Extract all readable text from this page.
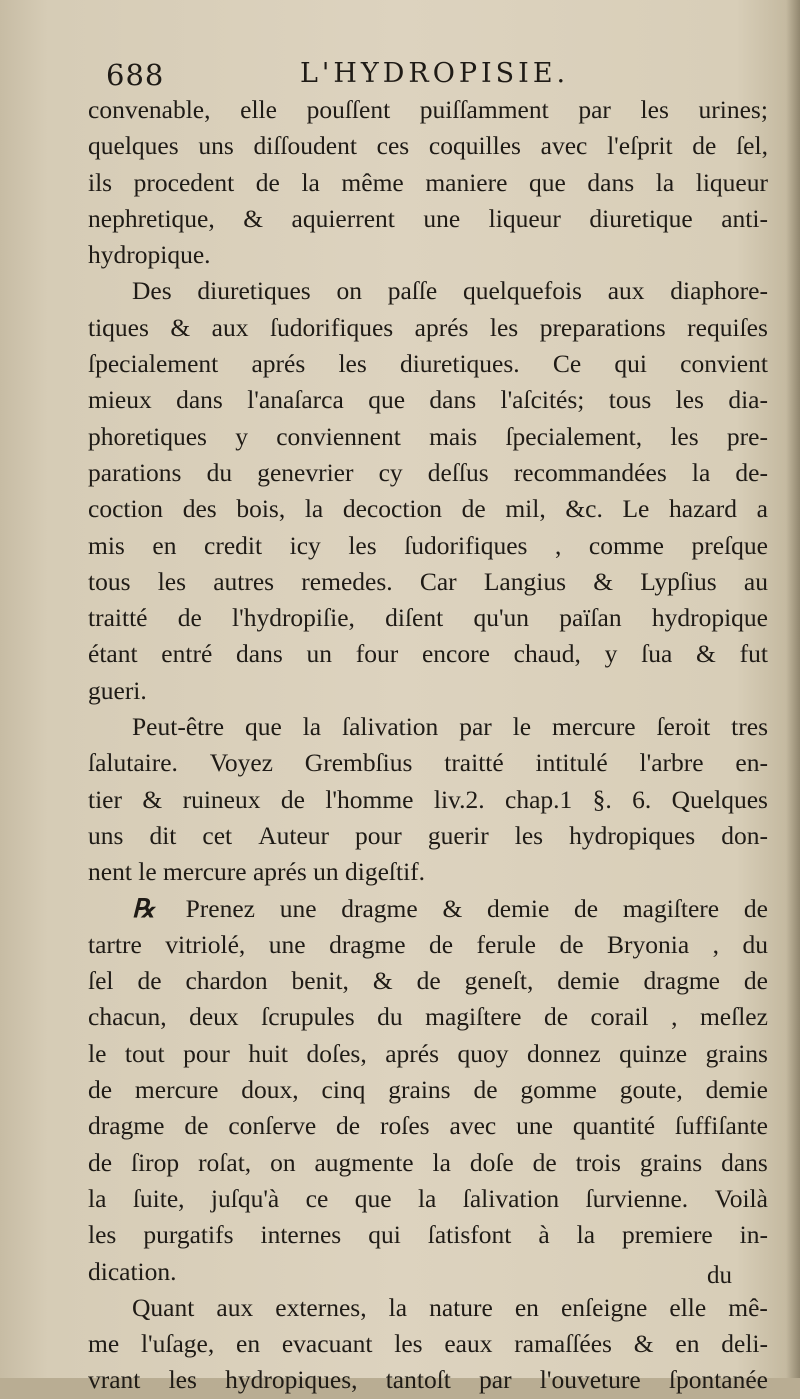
688	L'HYDROPISIE.
convenable, elle pouſſent puiſſamment par les urines;
quelques uns diſſoudent ces coquilles avec l'eſprit de ſel,
ils procedent de la même maniere que dans la liqueur
nephretique, & aquierrent une liqueur diuretique anti-
hydropique.
Des diuretiques on paſſe quelquefois aux diaphore-
tiques & aux ſudorifiques aprés les preparations requiſes
ſpecialement aprés les diuretiques. Ce qui convient
mieux dans l'anaſarca que dans l'aſcités; tous les dia-
phoretiques y conviennent mais ſpecialement, les pre-
parations du genevrier cy deſſus recommandées la de-
coction des bois, la decoction de mil, &c. Le hazard a
mis en credit icy les ſudorifiques , comme preſque
tous les autres remedes. Car Langius & Lypſius au
traitté de l'hydropiſie, diſent qu'un païſan hydropique
étant entré dans un four encore chaud, y ſua & fut
gueri.
Peut-être que la ſalivation par le mercure ſeroit tres
ſalutaire. Voyez Grembſius traitté intitulé l'arbre en-
tier & ruineux de l'homme liv.2. chap.1 §. 6. Quelques
uns dit cet Auteur pour guerir les hydropiques don-
nent le mercure aprés un digeſtif.
℞ Prenez une dragme & demie de magiſtere de
tartre vitriolé, une dragme de ferule de Bryonia , du
ſel de chardon benit, & de geneſt, demie dragme de
chacun, deux ſcrupules du magiſtere de corail , meſlez
le tout pour huit doſes, aprés quoy donnez quinze grains
de mercure doux, cinq grains de gomme goute, demie
dragme de conſerve de roſes avec une quantité ſuffiſante
de ſirop roſat, on augmente la doſe de trois grains dans
la ſuite, juſqu'à ce que la ſalivation ſurvienne. Voilà
les purgatifs internes qui ſatisfont à la premiere in-
dication.
Quant aux externes, la nature en enſeigne elle mê-
me l'uſage, en evacuant les eaux ramaſſées & en deli-
vrant les hydropiques, tantoſt par l'ouveture ſpontanée
du
